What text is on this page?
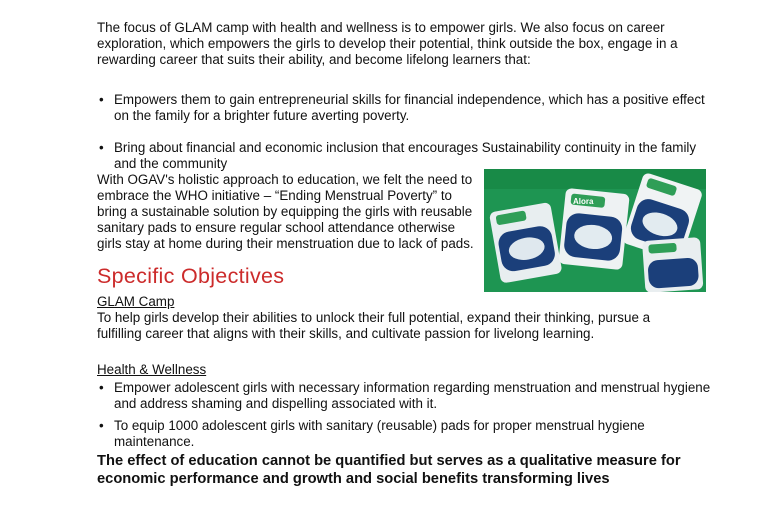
The focus of GLAM camp with health and wellness is to empower girls. We also focus on career exploration, which empowers the girls to develop their potential, think outside the box, engage in a rewarding career that suits their ability, and become lifelong learners that:

• Empowers them to gain entrepreneurial skills for financial independence, which has a positive effect on the family for a brighter future averting poverty.
• Bring about financial and economic inclusion that encourages Sustainability continuity in the family and the community

With OGAV's holistic approach to education, we felt the need to embrace the WHO initiative – “Ending Menstrual Poverty” to bring a sustainable solution by equipping the girls with reusable sanitary pads to ensure regular school attendance otherwise girls stay at home during their menstruation due to lack of pads.

Alora
Specific Objectives
GLAM Camp

To help girls develop their abilities to unlock their full potential, expand their thinking, pursue a fulfilling career that aligns with their skills, and cultivate passion for livelong learning.

Health & Wellness
• Empower adolescent girls with necessary information regarding menstruation and menstrual hygiene and address shaming and dispelling associated with it.
• To equip 1000 adolescent girls with sanitary (reusable) pads for proper menstrual hygiene maintenance.

The effect of education cannot be quantified but serves as a qualitative measure for economic performance and growth and social benefits transforming lives
